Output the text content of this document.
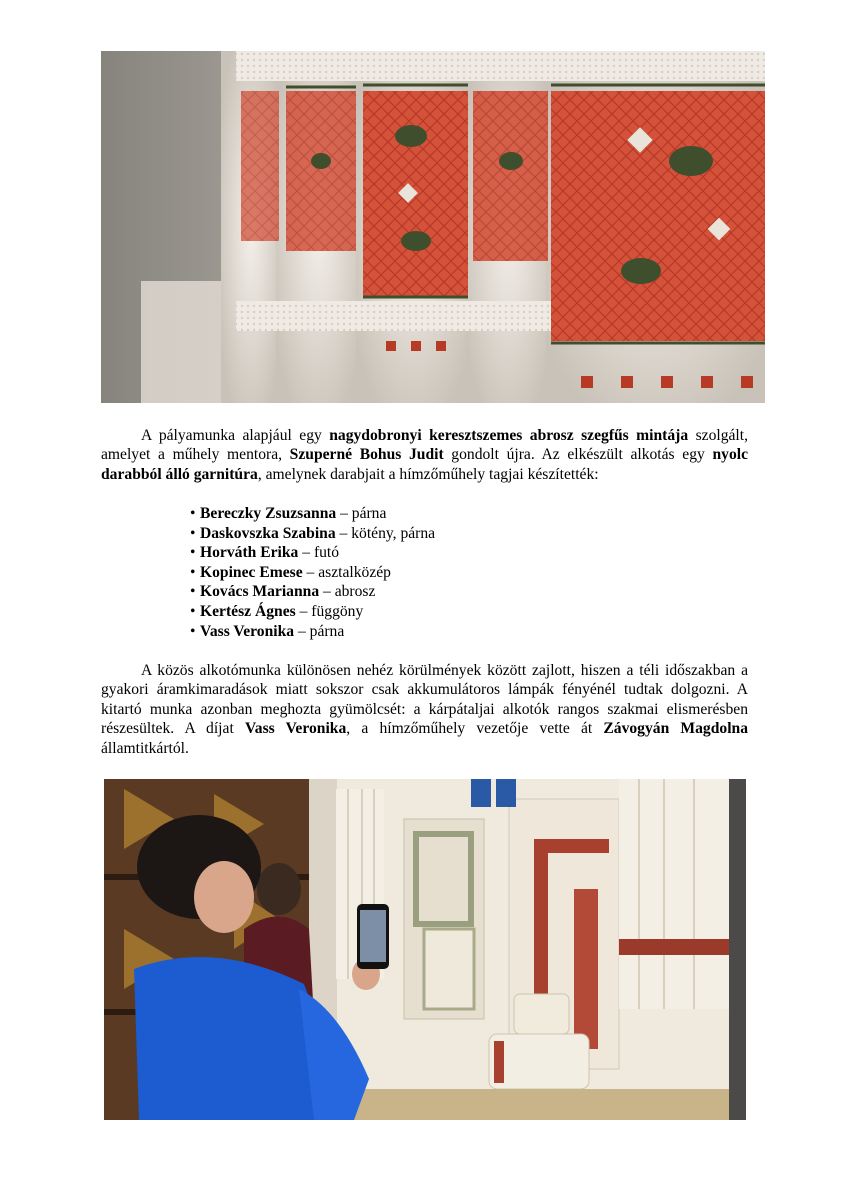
A pályamunka alapjául egy nagydobronyi keresztszemes abrosz szegfűs mintája szolgált, amelyet a műhely mentora, Szuperné Bohus Judit gondolt újra. Az elkészült alkotás egy nyolc darabból álló garnitúra, amelynek darabjait a hímzőműhely tagjai készítették:

• Bereczky Zsuzsanna – párna
• Daskovszka Szabina – kötény, párna
• Horváth Erika – futó
• Kopinec Emese – asztalközép
• Kovács Marianna – abrosz
• Kertész Ágnes – függöny
• Vass Veronika – párna

A közös alkotómunka különösen nehéz körülmények között zajlott, hiszen a téli időszakban a gyakori áramkimaradások miatt sokszor csak akkumulátoros lámpák fényénél tudtak dolgozni. A kitartó munka azonban meghozta gyümölcsét: a kárpátaljai alkotók rangos szakmai elismerésben részesültek. A díjat Vass Veronika, a hímzőműhely vezetője vette át Závogyán Magdolna államtitkártól.
